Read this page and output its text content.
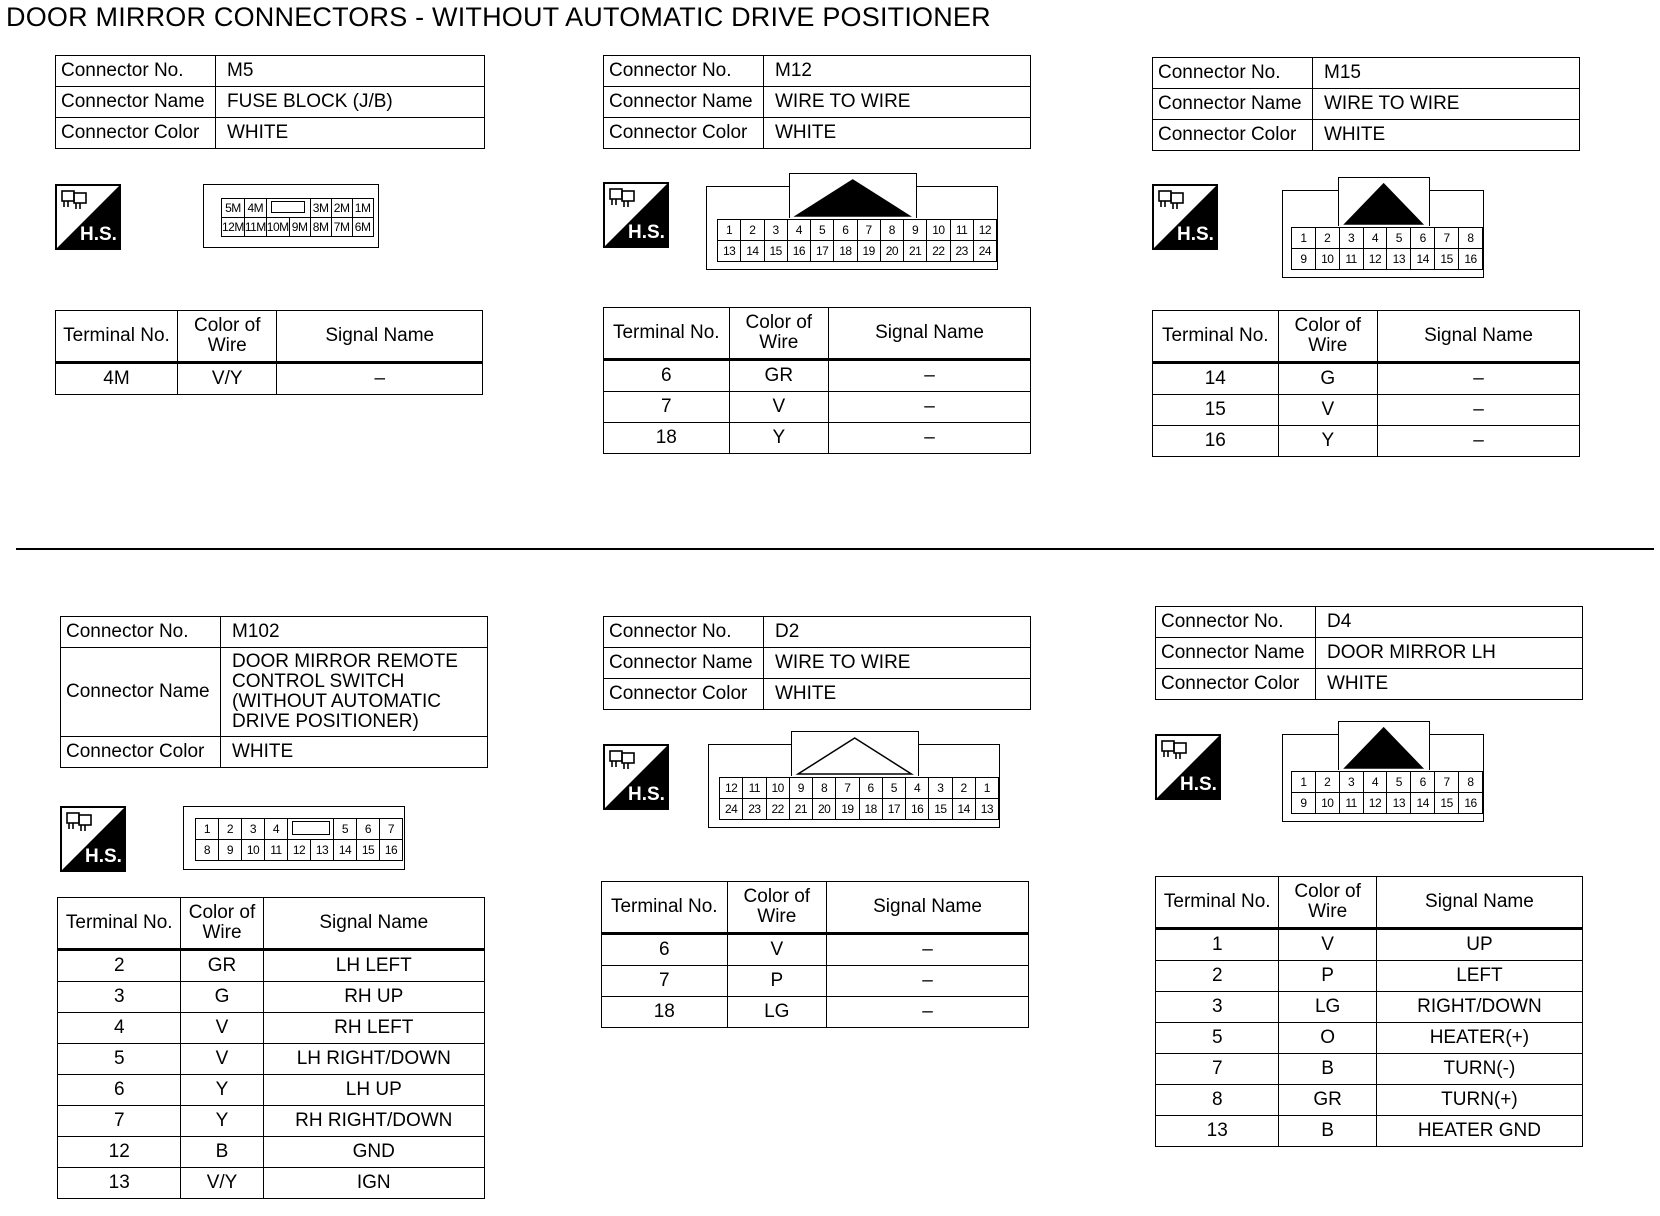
DOOR MIRROR CONNECTORS - WITHOUT AUTOMATIC DRIVE POSITIONER
Connector No.	M5
Connector Name	FUSE BLOCK (J/B)
Connector Color	WHITE
H.S.
5M	4M			3M	2M	1M
12M	11M	10M	9M	8M	7M	6M
Terminal No.	Color of Wire	Signal Name
4M	V/Y	–
Connector No.	M12
Connector Name	WIRE TO WIRE
Connector Color	WHITE
H.S.	1	2	3	4	5	6	7	8	9	10	11	12
13	14	15	16	17	18	19	20	21	22	23	24
Terminal No.	Color of Wire	Signal Name
6	GR	–
7	V	–
18	Y	–
Connector No.	M15
Connector Name	WIRE TO WIRE
Connector Color	WHITE
H.S.	1	2	3	4	5	6	7	8
9	10	11	12	13	14	15	16
Terminal No.	Color of Wire	Signal Name
14	G	–
15	V	–
16	Y	–
Connector No.	M102
Connector Name	DOOR MIRROR REMOTE CONTROL SWITCH (WITHOUT AUTOMATIC DRIVE POSITIONER)
Connector Color	WHITE
H.S.
1	2	3	4			5	6	7
8	9	10	11	12	13	14	15	16
Terminal No.	Color of Wire	Signal Name
2	GR	LH LEFT
3	G	RH UP
4	V	RH LEFT
5	V	LH RIGHT/DOWN
6	Y	LH UP
7	Y	RH RIGHT/DOWN
12	B	GND
13	V/Y	IGN
Connector No.	D2
Connector Name	WIRE TO WIRE
Connector Color	WHITE
H.S.	12	11	10	9	8	7	6	5	4	3	2	1
24	23	22	21	20	19	18	17	16	15	14	13
Terminal No.	Color of Wire	Signal Name
6	V	–
7	P	–
18	LG	–
Connector No.	D4
Connector Name	DOOR MIRROR LH
Connector Color	WHITE
H.S.	1	2	3	4	5	6	7	8
9	10	11	12	13	14	15	16
Terminal No.	Color of Wire	Signal Name
1	V	UP
2	P	LEFT
3	LG	RIGHT/DOWN
5	O	HEATER(+)
7	B	TURN(-)
8	GR	TURN(+)
13	B	HEATER GND
